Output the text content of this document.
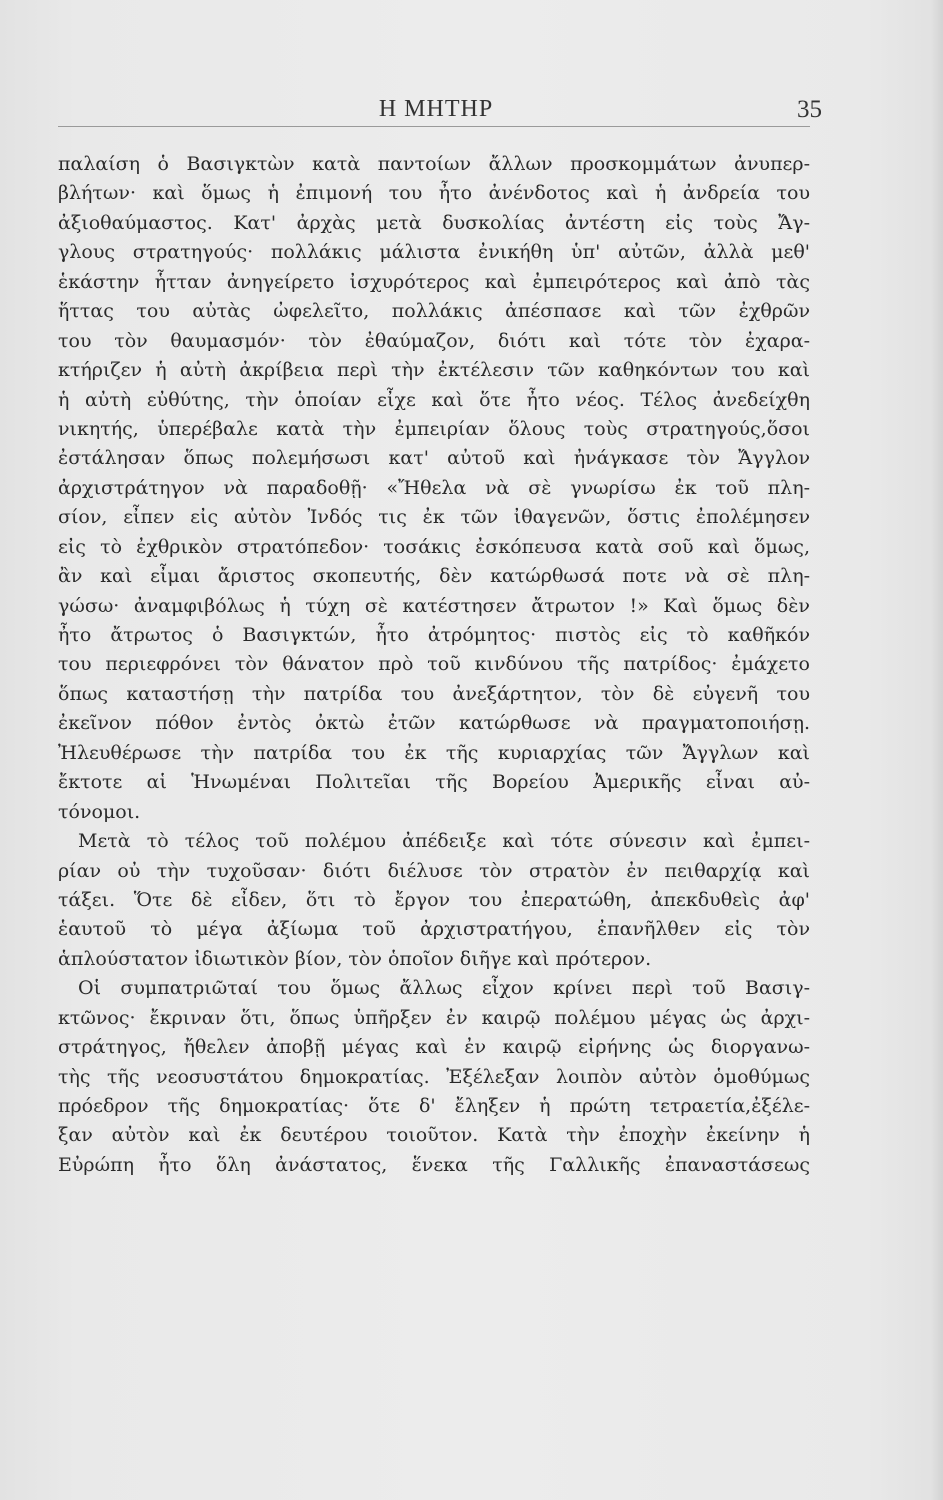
Η ΜΗΤΗΡ	35
παλαίση ὁ Βασιγκτὼν κατὰ παντοίων ἄλλων προσκομμάτων ἀνυπερ-
βλήτων· καὶ ὅμως ἡ ἐπιμονή του ἦτο ἀνένδοτος καὶ ἡ ἀνδρεία του
ἀξιοθαύμαστος. Κατ' ἀρχὰς μετὰ δυσκολίας ἀντέστη εἰς τοὺς Ἄγ-
γλους στρατηγούς· πολλάκις μάλιστα ἐνικήθη ὑπ' αὐτῶν, ἀλλὰ μεθ'
ἑκάστην ἧτταν ἀνηγείρετο ἰσχυρότερος καὶ ἐμπειρότερος καὶ ἀπὸ τὰς
ἥττας του αὐτὰς ὠφελεῖτο, πολλάκις ἀπέσπασε καὶ τῶν ἐχθρῶν
του τὸν θαυμασμόν· τὸν ἐθαύμαζον, διότι καὶ τότε τὸν ἐχαρα-
κτήριζεν ἡ αὐτὴ ἀκρίβεια περὶ τὴν ἐκτέλεσιν τῶν καθηκόντων του καὶ
ἡ αὐτὴ εὐθύτης, τὴν ὁποίαν εἶχε καὶ ὅτε ἦτο νέος. Τέλος ἀνεδείχθη
νικητής, ὑπερέβαλε κατὰ τὴν ἐμπειρίαν ὅλους τοὺς στρατηγούς,ὅσοι
ἐστάλησαν ὅπως πολεμήσωσι κατ' αὐτοῦ καὶ ἠνάγκασε τὸν Ἄγγλον
ἀρχιστράτηγον νὰ παραδοθῇ· «Ἤθελα νὰ σὲ γνωρίσω ἐκ τοῦ πλη-
σίον, εἶπεν εἰς αὐτὸν Ἰνδός τις ἐκ τῶν ἰθαγενῶν, ὅστις ἐπολέμησεν
εἰς τὸ ἐχθρικὸν στρατόπεδον· τοσάκις ἐσκόπευσα κατὰ σοῦ καὶ ὅμως,
ἂν καὶ εἶμαι ἄριστος σκοπευτής, δὲν κατώρθωσά ποτε νὰ σὲ πλη-
γώσω· ἀναμφιβόλως ἡ τύχη σὲ κατέστησεν ἄτρωτον !» Καὶ ὅμως δὲν
ἦτο ἄτρωτος ὁ Βασιγκτών, ἦτο ἀτρόμητος· πιστὸς εἰς τὸ καθῆκόν
του περιεφρόνει τὸν θάνατον πρὸ τοῦ κινδύνου τῆς πατρίδος· ἐμάχετο
ὅπως καταστήσῃ τὴν πατρίδα του ἀνεξάρτητον, τὸν δὲ εὐγενῆ του
ἐκεῖνον πόθον ἐντὸς ὀκτὼ ἐτῶν κατώρθωσε νὰ πραγματοποιήσῃ.
Ἠλευθέρωσε τὴν πατρίδα του ἐκ τῆς κυριαρχίας τῶν Ἄγγλων καὶ
ἔκτοτε αἱ Ἡνωμέναι Πολιτεῖαι τῆς Βορείου Ἀμερικῆς εἶναι αὐ-
τόνομοι.
Μετὰ τὸ τέλος τοῦ πολέμου ἀπέδειξε καὶ τότε σύνεσιν καὶ ἐμπει-
ρίαν οὐ τὴν τυχοῦσαν· διότι διέλυσε τὸν στρατὸν ἐν πειθαρχίᾳ καὶ
τάξει. Ὅτε δὲ εἶδεν, ὅτι τὸ ἔργον του ἐπερατώθη, ἀπεκδυθεὶς ἀφ'
ἑαυτοῦ τὸ μέγα ἀξίωμα τοῦ ἀρχιστρατήγου, ἐπανῆλθεν εἰς τὸν
ἁπλούστατον ἰδιωτικὸν βίον, τὸν ὁποῖον διῆγε καὶ πρότερον.
Οἱ συμπατριῶταί του ὅμως ἄλλως εἶχον κρίνει περὶ τοῦ Βασιγ-
κτῶνος· ἔκριναν ὅτι, ὅπως ὑπῆρξεν ἐν καιρῷ πολέμου μέγας ὡς ἀρχι-
στράτηγος, ἤθελεν ἀποβῇ μέγας καὶ ἐν καιρῷ εἰρήνης ὡς διοργανω-
τὴς τῆς νεοσυστάτου δημοκρατίας. Ἐξέλεξαν λοιπὸν αὐτὸν ὁμοθύμως
πρόεδρον τῆς δημοκρατίας· ὅτε δ' ἔληξεν ἡ πρώτη τετραετία,ἐξέλε-
ξαν αὐτὸν καὶ ἐκ δευτέρου τοιοῦτον. Κατὰ τὴν ἐποχὴν ἐκείνην ἡ
Εὐρώπη ἦτο ὅλη ἀνάστατος, ἕνεκα τῆς Γαλλικῆς ἐπαναστάσεως
